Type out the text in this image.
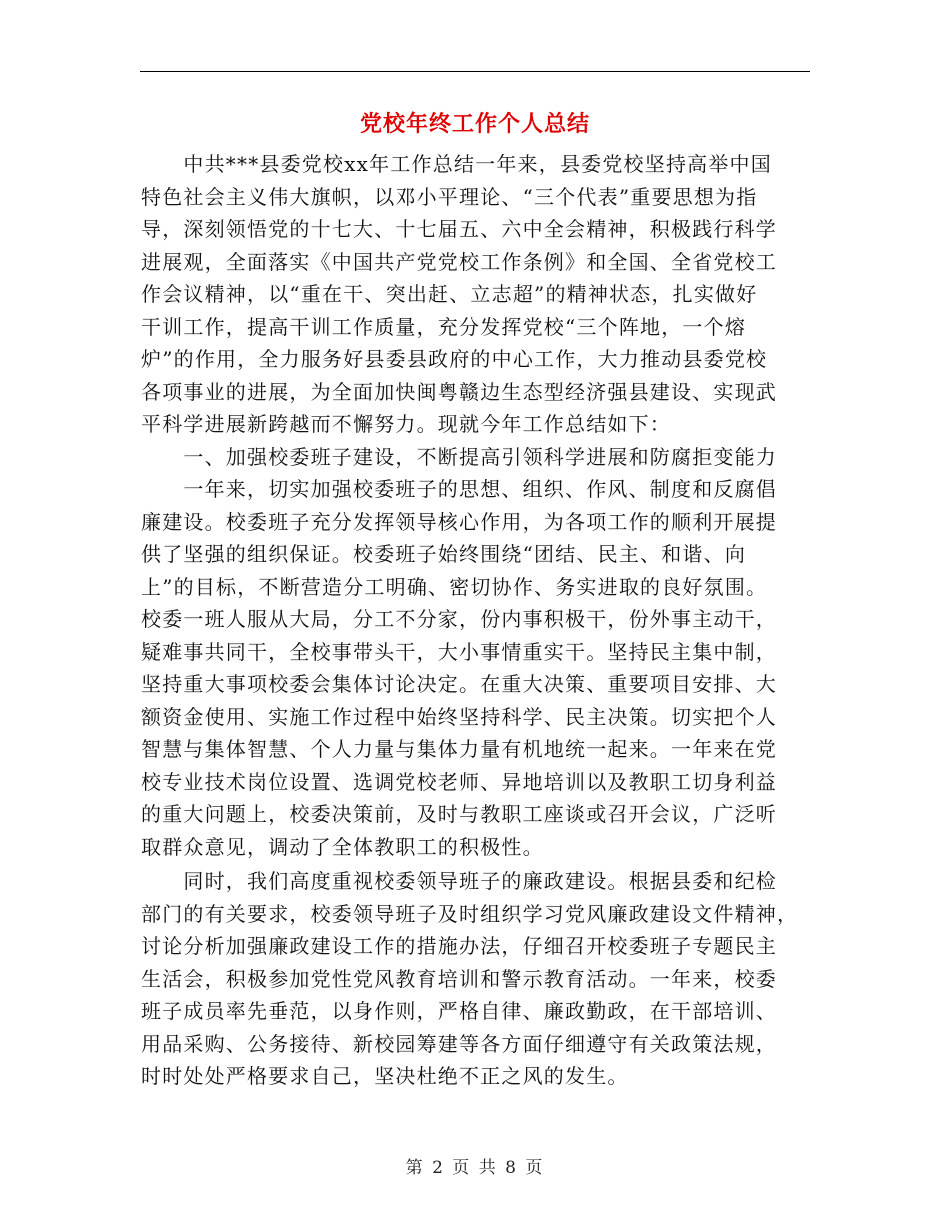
党校年终工作个人总结
　　中共***县委党校xx年工作总结一年来，县委党校坚持高举中国
特色社会主义伟大旗帜，以邓小平理论、“三个代表”重要思想为指
导，深刻领悟党的十七大、十七届五、六中全会精神，积极践行科学
进展观，全面落实《中国共产党党校工作条例》和全国、全省党校工
作会议精神，以“重在干、突出赶、立志超”的精神状态，扎实做好
干训工作，提高干训工作质量，充分发挥党校“三个阵地，一个熔
炉”的作用，全力服务好县委县政府的中心工作，大力推动县委党校
各项事业的进展，为全面加快闽粤赣边生态型经济强县建设、实现武
平科学进展新跨越而不懈努力。现就今年工作总结如下：
　　一、加强校委班子建设，不断提高引领科学进展和防腐拒变能力
　　一年来，切实加强校委班子的思想、组织、作风、制度和反腐倡
廉建设。校委班子充分发挥领导核心作用，为各项工作的顺利开展提
供了坚强的组织保证。校委班子始终围绕“团结、民主、和谐、向
上”的目标，不断营造分工明确、密切协作、务实进取的良好氛围。
校委一班人服从大局，分工不分家，份内事积极干，份外事主动干，
疑难事共同干，全校事带头干，大小事情重实干。坚持民主集中制，
坚持重大事项校委会集体讨论决定。在重大决策、重要项目安排、大
额资金使用、实施工作过程中始终坚持科学、民主决策。切实把个人
智慧与集体智慧、个人力量与集体力量有机地统一起来。一年来在党
校专业技术岗位设置、选调党校老师、异地培训以及教职工切身利益
的重大问题上，校委决策前，及时与教职工座谈或召开会议，广泛听
取群众意见，调动了全体教职工的积极性。
　　同时，我们高度重视校委领导班子的廉政建设。根据县委和纪检
部门的有关要求，校委领导班子及时组织学习党风廉政建设文件精神，
讨论分析加强廉政建设工作的措施办法，仔细召开校委班子专题民主
生活会，积极参加党性党风教育培训和警示教育活动。一年来，校委
班子成员率先垂范，以身作则，严格自律、廉政勤政，在干部培训、
用品采购、公务接待、新校园筹建等各方面仔细遵守有关政策法规，
时时处处严格要求自己，坚决杜绝不正之风的发生。
第 2 页 共 8 页
